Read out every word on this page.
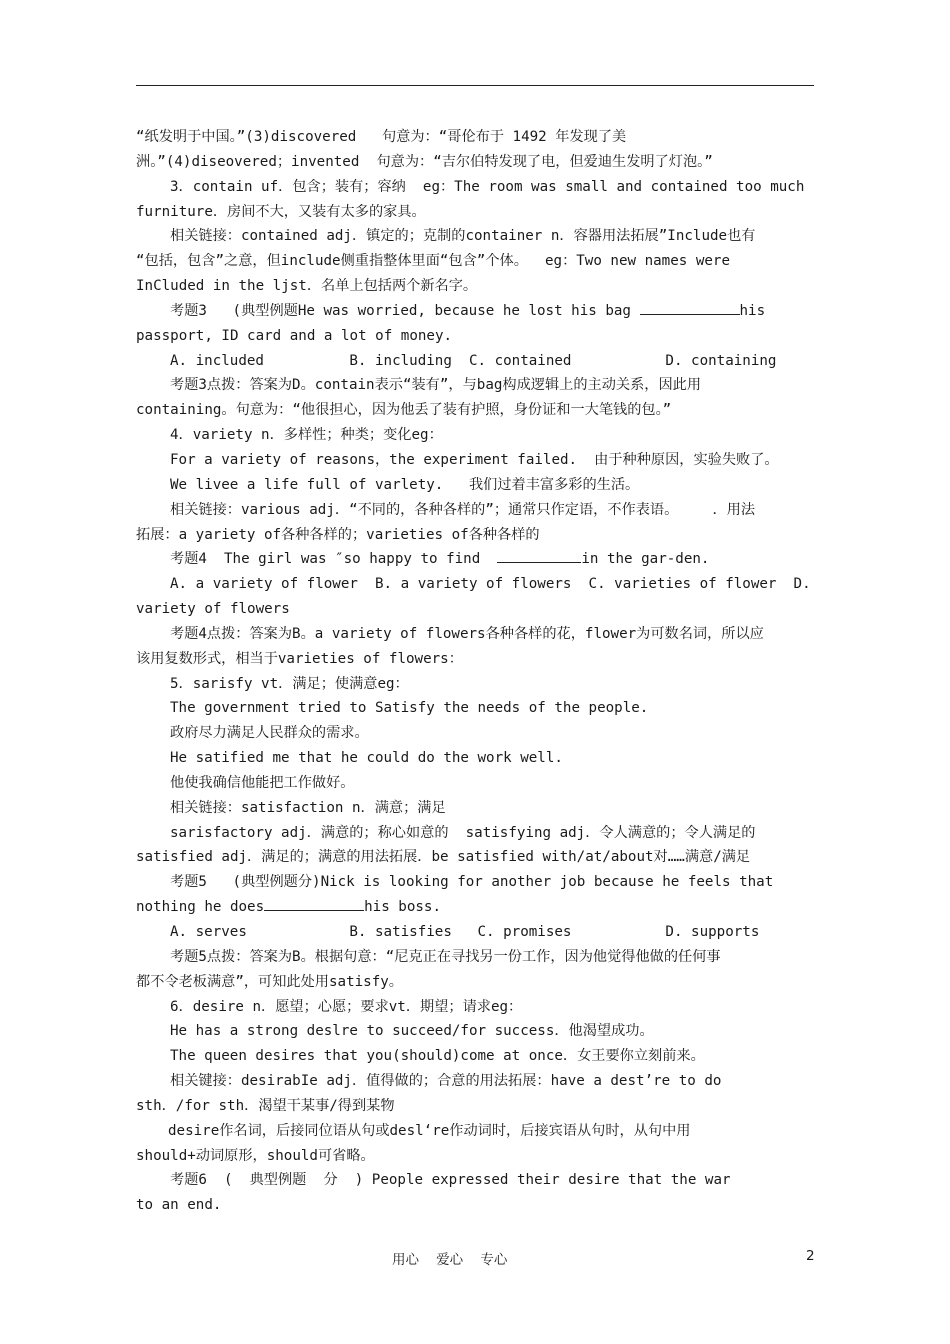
“纸发明于中国。”(3)discovered   句意为：“哥伦布于 1492 年发现了美
洲。”(4)diseovered；invented  句意为：“吉尔伯特发现了电，但爱迪生发明了灯泡。”
3．contain uf．包含；装有；容纳  eg：The room was small and contained too much
furniture．房间不大，又装有太多的家具。
相关链接：contained adj．镇定的；克制的container n．容器用法拓展”Include也有
“包括，包含”之意，但include侧重指整体里面“包含”个体。  eg：Two new names were
InCluded in the ljst．名单上包括两个新名字。
考题3   (典型例题He was worried, because he lost his bag	his
passport, ID card and a lot of money.
A. included          B. including  C. contained           D. containing
考题3点拨：答案为D。contain表示“装有”，与bag构成逻辑上的主动关系，因此用
containing。句意为：“他很担心，因为他丢了装有护照，身份证和一大笔钱的包。”
4．variety n．多样性；种类；变化eg：
For a variety of reasons，the experiment failed.  由于种种原因，实验失败了。
We livee a life full of varlety.   我们过着丰富多彩的生活。
相关链接：various adj．“不同的，各种各样的”；通常只作定语，不作表语。    ．用法
拓展：a yariety of各种各样的；varieties of各种各样的
考题4  The girl was ″so happy to find	in the gar-den.
A. a variety of flower  B. a variety of flowers  C. varieties of flower  D.
variety of flowers
考题4点拨：答案为B。a variety of flowers各种各样的花，flower为可数名词，所以应
该用复数形式，相当于varieties of flowers：
5．sarisfy vt．满足；使满意eg：
The government tried to Satisfy the needs of the people.
政府尽力满足人民群众的需求。
He satified me that he could do the work well.
他使我确信他能把工作做好。
相关链接：satisfaction n．满意；满足
sarisfactory adj．满意的；称心如意的  satisfying adj．令人满意的；令人满足的
satisfied adj．满足的；满意的用法拓展．be satisfied with/at/about对……满意/满足
考题5   (典型例题分)Nick is looking for another job because he feels that
nothing he does	his boss.
A. serves            B. satisfies   C. promises           D. supports
考题5点拨：答案为B。根据句意：“尼克正在寻找另一份工作，因为他觉得他做的任何事
都不令老板满意”，可知此处用satisfy。
6．desire n．愿望；心愿；要求vt．期望；请求eg：
He has a strong deslre to succeed/for success．他渴望成功。
The queen desires that you(should)come at once．女王要你立刻前来。
相关键接：desirabIe adj．值得做的；合意的用法拓展：have a dest’re to do
sth．/for sth．渴望干某事/得到某物
desire作名词，后接同位语从句或desl‘re作动词时，后接宾语从句时，从句中用
should+动词原形，should可省略。
考题6  (  典型例题  分  ) People expressed their desire that the war
to an end.
用心    爱心    专心	2
